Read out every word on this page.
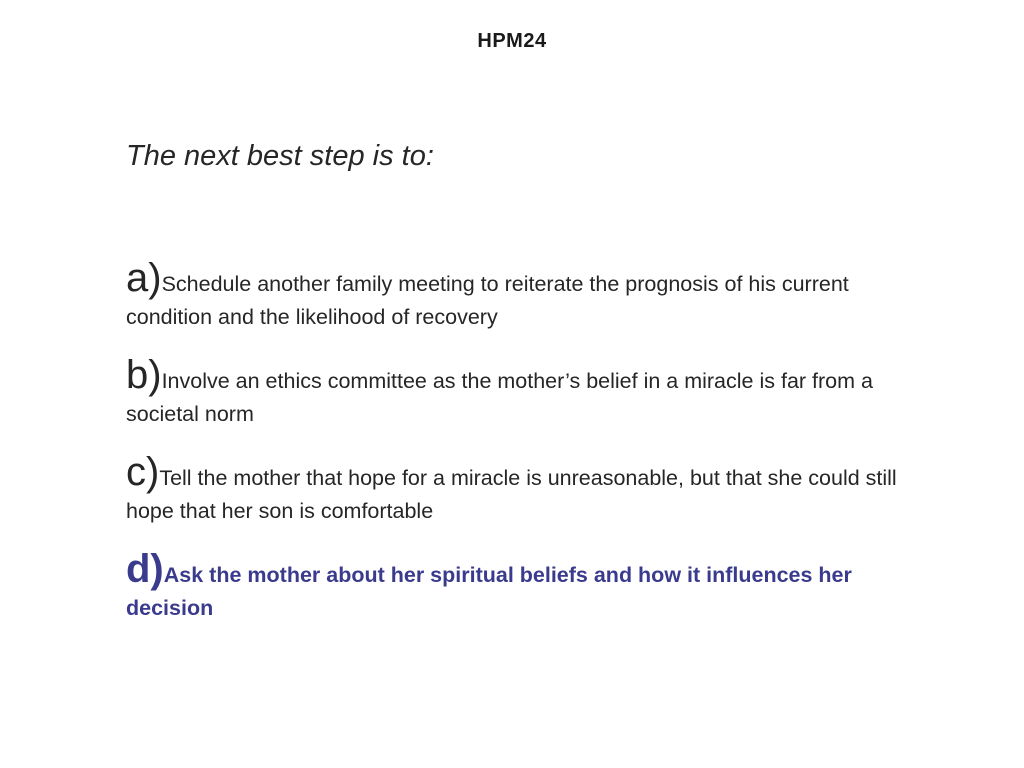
HPM24
The next best step is to:
a)Schedule another family meeting to reiterate the prognosis of his current condition and the likelihood of recovery
b)Involve an ethics committee as the mother’s belief in a miracle is far from a societal norm
c)Tell the mother that hope for a miracle is unreasonable, but that she could still hope that her son is comfortable
d)Ask the mother about her spiritual beliefs and how it influences her decision
